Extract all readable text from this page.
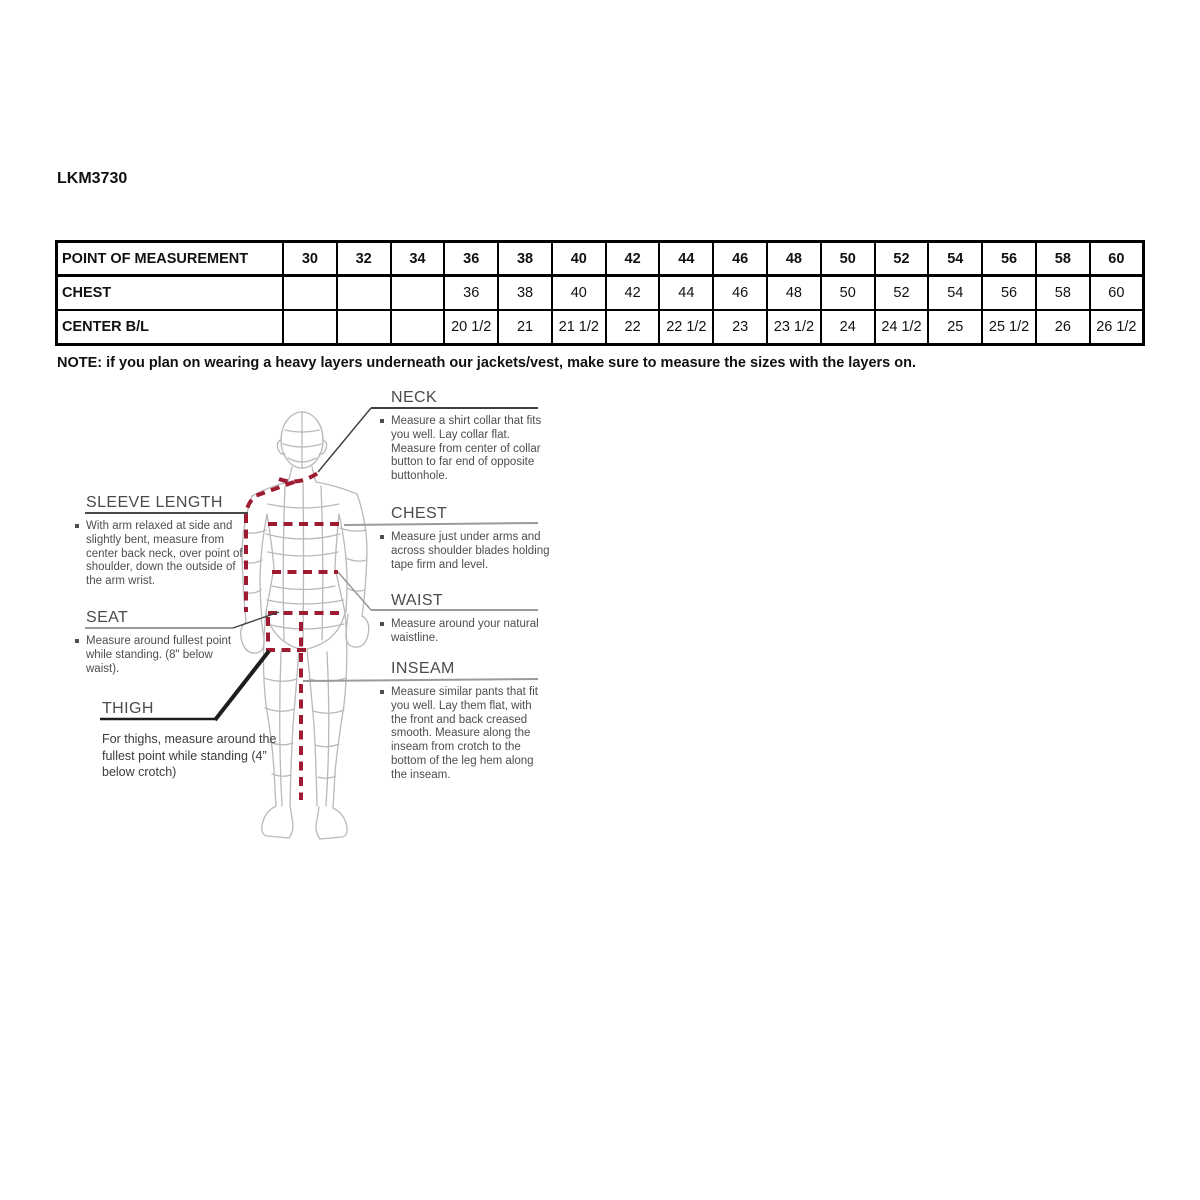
LKM3730
POINT OF MEASUREMENT	30	32	34	36	38	40	42	44	46	48	50	52	54	56	58	60
CHEST				36	38	40	42	44	46	48	50	52	54	56	58	60
CENTER B/L				20 1/2	21	21 1/2	22	22 1/2	23	23 1/2	24	24 1/2	25	25 1/2	26	26 1/2
NOTE: if you plan on wearing a heavy layers underneath our jackets/vest, make sure to measure the sizes with the layers on.
NECK
Measure a shirt collar that fits you well. Lay collar flat. Measure from center of collar button to far end of opposite buttonhole.
SLEEVE LENGTH
With arm relaxed at side and slightly bent, measure from center back neck, over point of shoulder, down the outside of the arm wrist.
CHEST
Measure just under arms and across shoulder blades holding tape firm and level.
SEAT
Measure around fullest point while standing. (8" below waist).
WAIST
Measure around your natural waistline.
THIGH
For thighs, measure around the fullest point while standing (4” below crotch)
INSEAM
Measure similar pants that fit you well. Lay them flat, with the front and back creased smooth. Measure along the inseam from crotch to the bottom of the leg hem along the inseam.
